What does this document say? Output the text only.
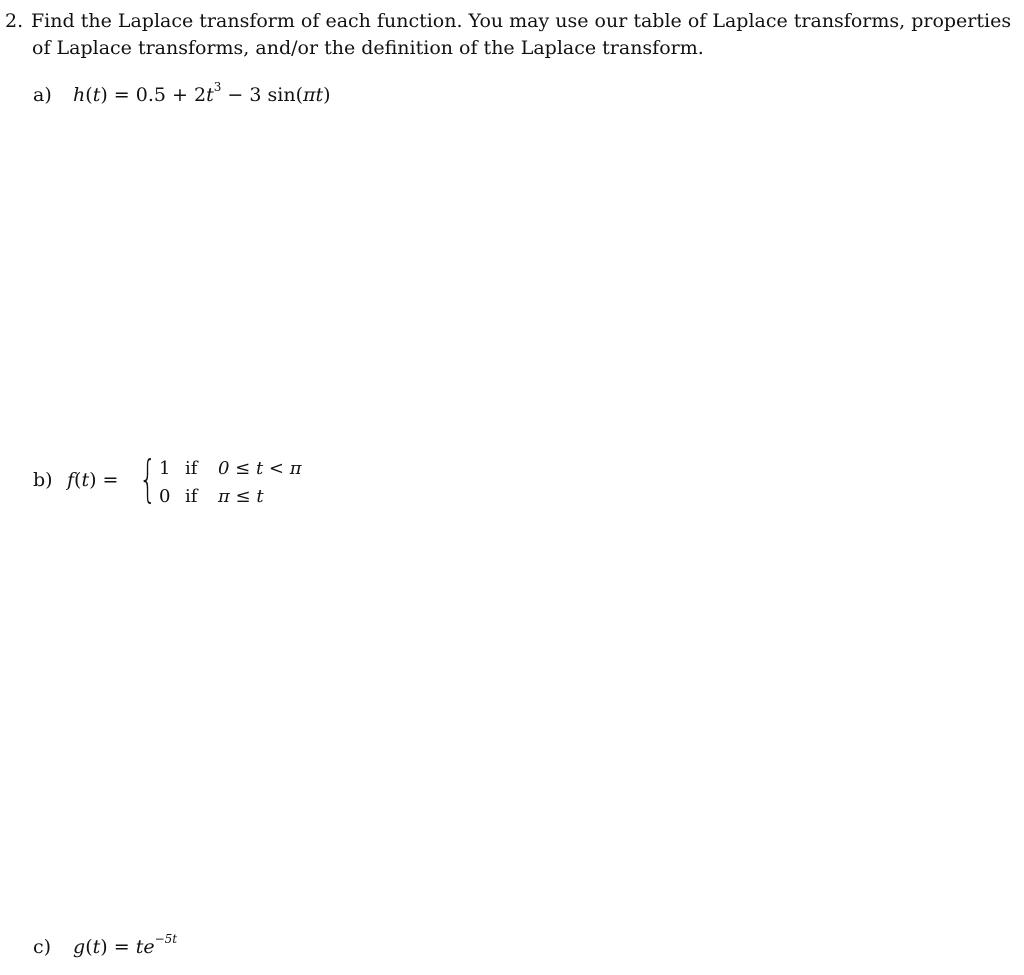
2. Find the Laplace transform of each function. You may use our table of Laplace transforms, properties
of Laplace transforms, and/or the definition of the Laplace transform.
a) $h(t) = 0.5 + 2t^3 - 3$ sin(πt)
b) f(t) = { 1 if	0 ≤ t < π
0 if	π ≤ t
c) $g(t) = te^{-5t}$
